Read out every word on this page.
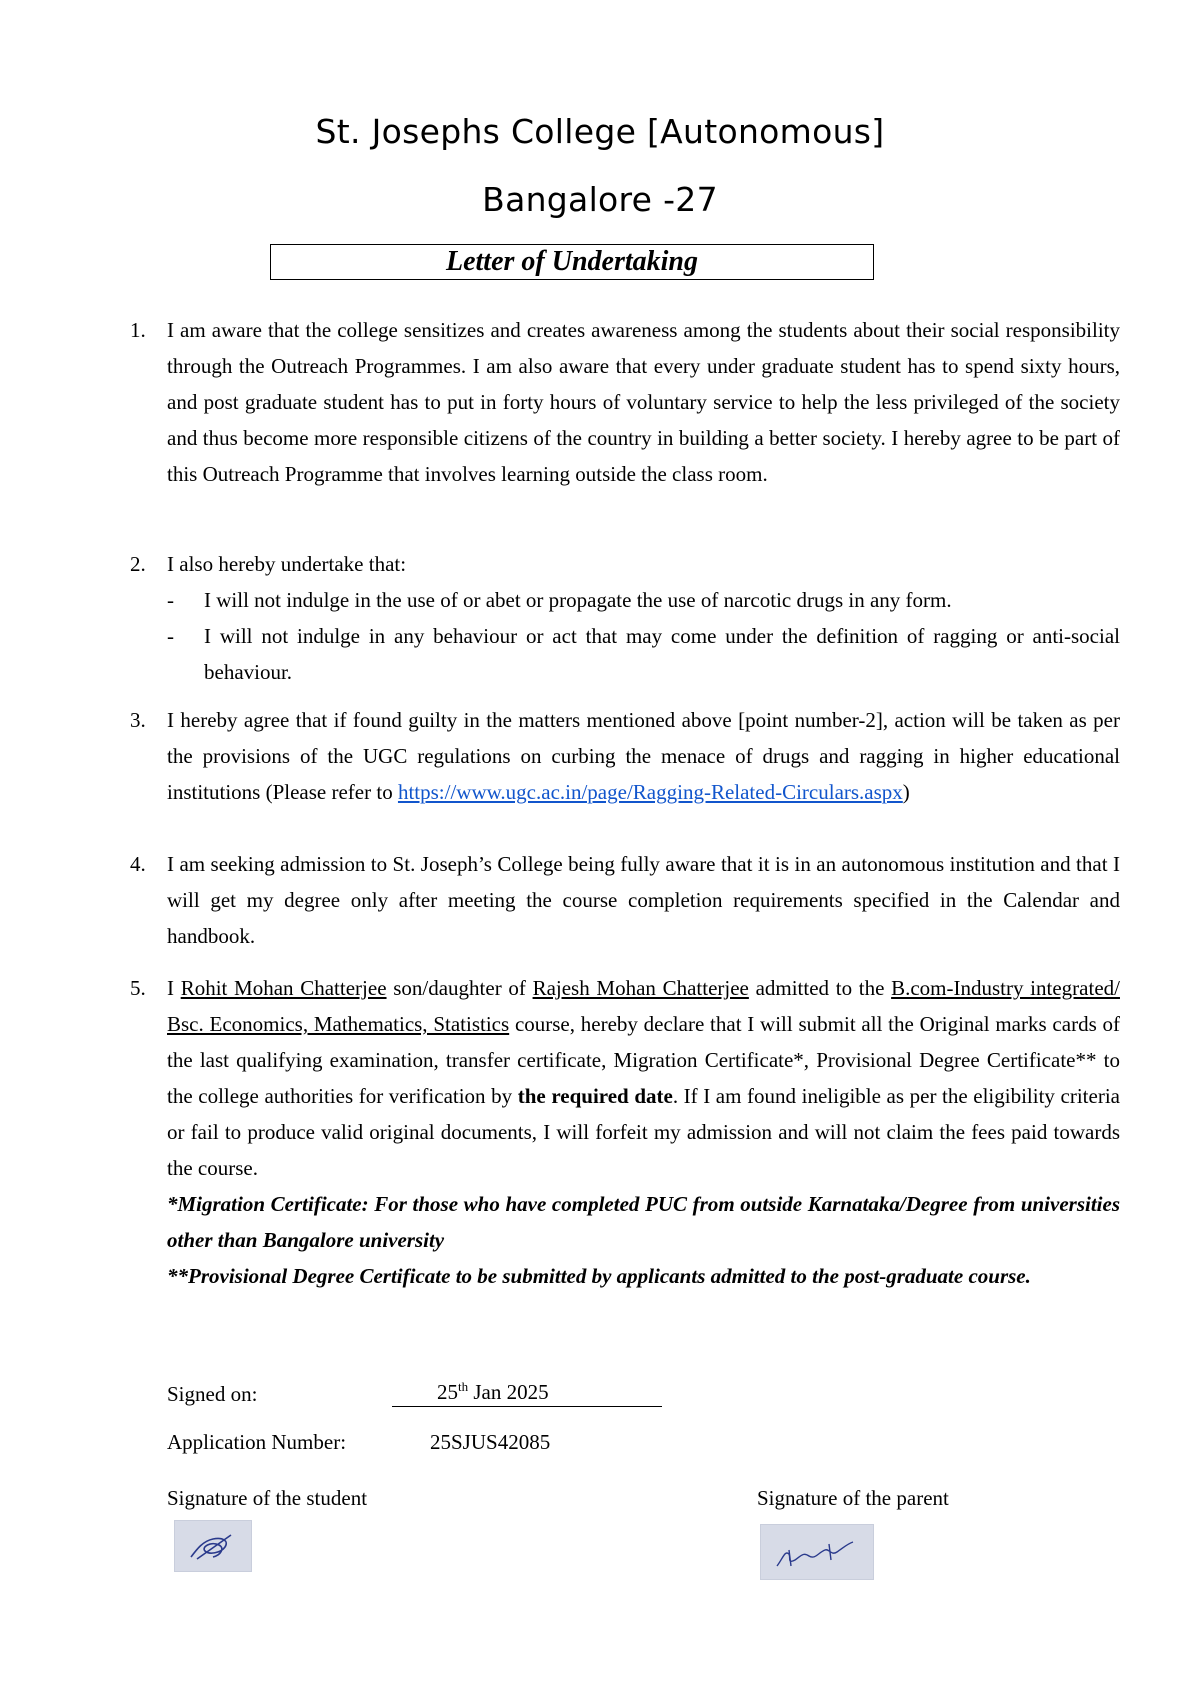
St. Josephs College [Autonomous]
Bangalore -27
Letter of Undertaking
1. I am aware that the college sensitizes and creates awareness among the students about their social responsibility through the Outreach Programmes. I am also aware that every under graduate student has to spend sixty hours, and post graduate student has to put in forty hours of voluntary service to help the less privileged of the society and thus become more responsible citizens of the country in building a better society. I hereby agree to be part of this Outreach Programme that involves learning outside the class room.
2. I also hereby undertake that:
- I will not indulge in the use of or abet or propagate the use of narcotic drugs in any form.
- I will not indulge in any behaviour or act that may come under the definition of ragging or anti-social behaviour.
3. I hereby agree that if found guilty in the matters mentioned above [point number-2], action will be taken as per the provisions of the UGC regulations on curbing the menace of drugs and ragging in higher educational institutions (Please refer to https://www.ugc.ac.in/page/Ragging-Related-Circulars.aspx)
4. I am seeking admission to St. Joseph’s College being fully aware that it is in an autonomous institution and that I will get my degree only after meeting the course completion requirements specified in the Calendar and handbook.
5. I Rohit Mohan Chatterjee son/daughter of Rajesh Mohan Chatterjee admitted to the B.com-Industry integrated/ Bsc. Economics, Mathematics, Statistics course, hereby declare that I will submit all the Original marks cards of the last qualifying examination, transfer certificate, Migration Certificate*, Provisional Degree Certificate** to the college authorities for verification by the required date. If I am found ineligible as per the eligibility criteria or fail to produce valid original documents, I will forfeit my admission and will not claim the fees paid towards the course.
*Migration Certificate: For those who have completed PUC from outside Karnataka/Degree from universities other than Bangalore university
**Provisional Degree Certificate to be submitted by applicants admitted to the post-graduate course.
Signed on:	25th Jan 2025
Application Number:	25SJUS42085
Signature of the student	Signature of the parent
